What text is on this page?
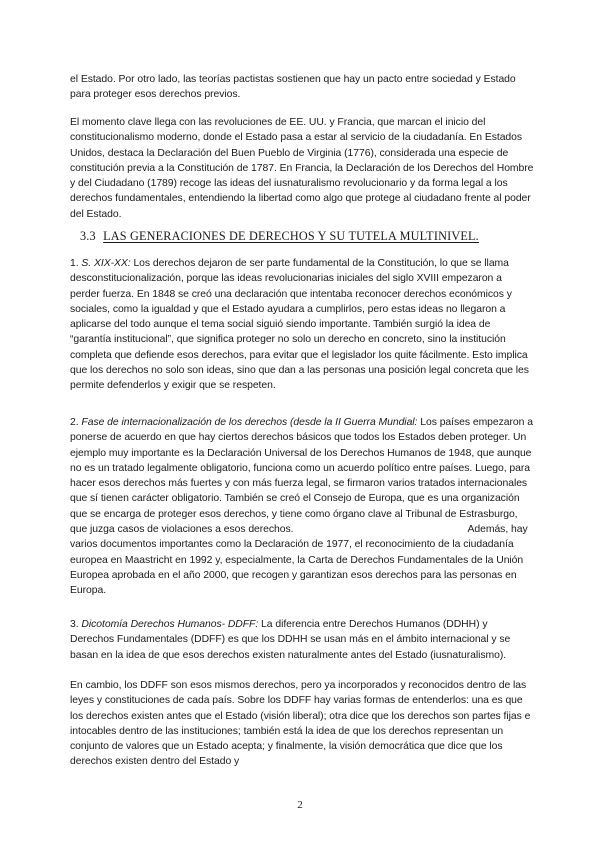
el Estado. Por otro lado, las teorías pactistas sostienen que hay un pacto entre sociedad y Estado para proteger esos derechos previos.

El momento clave llega con las revoluciones de EE. UU. y Francia, que marcan el inicio del constitucionalismo moderno, donde el Estado pasa a estar al servicio de la ciudadanía. En Estados Unidos, destaca la Declaración del Buen Pueblo de Virginia (1776), considerada una especie de constitución previa a la Constitución de 1787. En Francia, la Declaración de los Derechos del Hombre y del Ciudadano (1789) recoge las ideas del iusnaturalismo revolucionario y da forma legal a los derechos fundamentales, entendiendo la libertad como algo que protege al ciudadano frente al poder del Estado.

3.3 LAS GENERACIONES DE DERECHOS Y SU TUTELA MULTINIVEL.

1. S. XIX-XX: Los derechos dejaron de ser parte fundamental de la Constitución, lo que se llama desconstitucionalización, porque las ideas revolucionarias iniciales del siglo XVIII empezaron a perder fuerza. En 1848 se creó una declaración que intentaba reconocer derechos económicos y sociales, como la igualdad y que el Estado ayudara a cumplirlos, pero estas ideas no llegaron a aplicarse del todo aunque el tema social siguió siendo importante. También surgió la idea de “garantía institucional”, que significa proteger no solo un derecho en concreto, sino la institución completa que defiende esos derechos, para evitar que el legislador los quite fácilmente. Esto implica que los derechos no solo son ideas, sino que dan a las personas una posición legal concreta que les permite defenderlos y exigir que se respeten.

2. Fase de internacionalización de los derechos (desde la II Guerra Mundial: Los países empezaron a ponerse de acuerdo en que hay ciertos derechos básicos que todos los Estados deben proteger. Un ejemplo muy importante es la Declaración Universal de los Derechos Humanos de 1948, que aunque no es un tratado legalmente obligatorio, funciona como un acuerdo político entre países. Luego, para hacer esos derechos más fuertes y con más fuerza legal, se firmaron varios tratados internacionales que sí tienen carácter obligatorio. También se creó el Consejo de Europa, que es una organización que se encarga de proteger esos derechos, y tiene como órgano clave al Tribunal de Estrasburgo, que juzga casos de violaciones a esos derechos.	Además, hay varios documentos importantes como la Declaración de 1977, el reconocimiento de la ciudadanía europea en Maastricht en 1992 y, especialmente, la Carta de Derechos Fundamentales de la Unión Europea aprobada en el año 2000, que recogen y garantizan esos derechos para las personas en Europa.

3. Dicotomía Derechos Humanos- DDFF: La diferencia entre Derechos Humanos (DDHH) y Derechos Fundamentales (DDFF) es que los DDHH se usan más en el ámbito internacional y se basan en la idea de que esos derechos existen naturalmente antes del Estado (iusnaturalismo).

En cambio, los DDFF son esos mismos derechos, pero ya incorporados y reconocidos dentro de las leyes y constituciones de cada país. Sobre los DDFF hay varias formas de entenderlos: una es que los derechos existen antes que el Estado (visión liberal); otra dice que los derechos son partes fijas e intocables dentro de las instituciones; también está la idea de que los derechos representan un conjunto de valores que un Estado acepta; y finalmente, la visión democrática que dice que los derechos existen dentro del Estado y

2
